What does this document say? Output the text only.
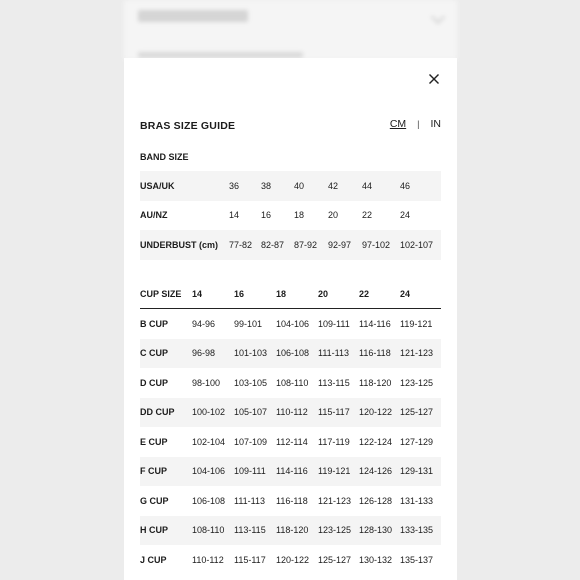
BRAS SIZE GUIDE	CM | IN
BAND SIZE						
USA/UK	36	38	40	42	44	46
AU/NZ	14	16	18	20	22	24
UNDERBUST (cm)	77-82	82-87	87-92	92-97	97-102	102-107
CUP SIZE	14	16	18	20	22	24
B CUP	94-96	99-101	104-106	109-111	114-116	119-121
C CUP	96-98	101-103	106-108	111-113	116-118	121-123
D CUP	98-100	103-105	108-110	113-115	118-120	123-125
DD CUP	100-102	105-107	110-112	115-117	120-122	125-127
E CUP	102-104	107-109	112-114	117-119	122-124	127-129
F CUP	104-106	109-111	114-116	119-121	124-126	129-131
G CUP	106-108	111-113	116-118	121-123	126-128	131-133
H CUP	108-110	113-115	118-120	123-125	128-130	133-135
J CUP	110-112	115-117	120-122	125-127	130-132	135-137
